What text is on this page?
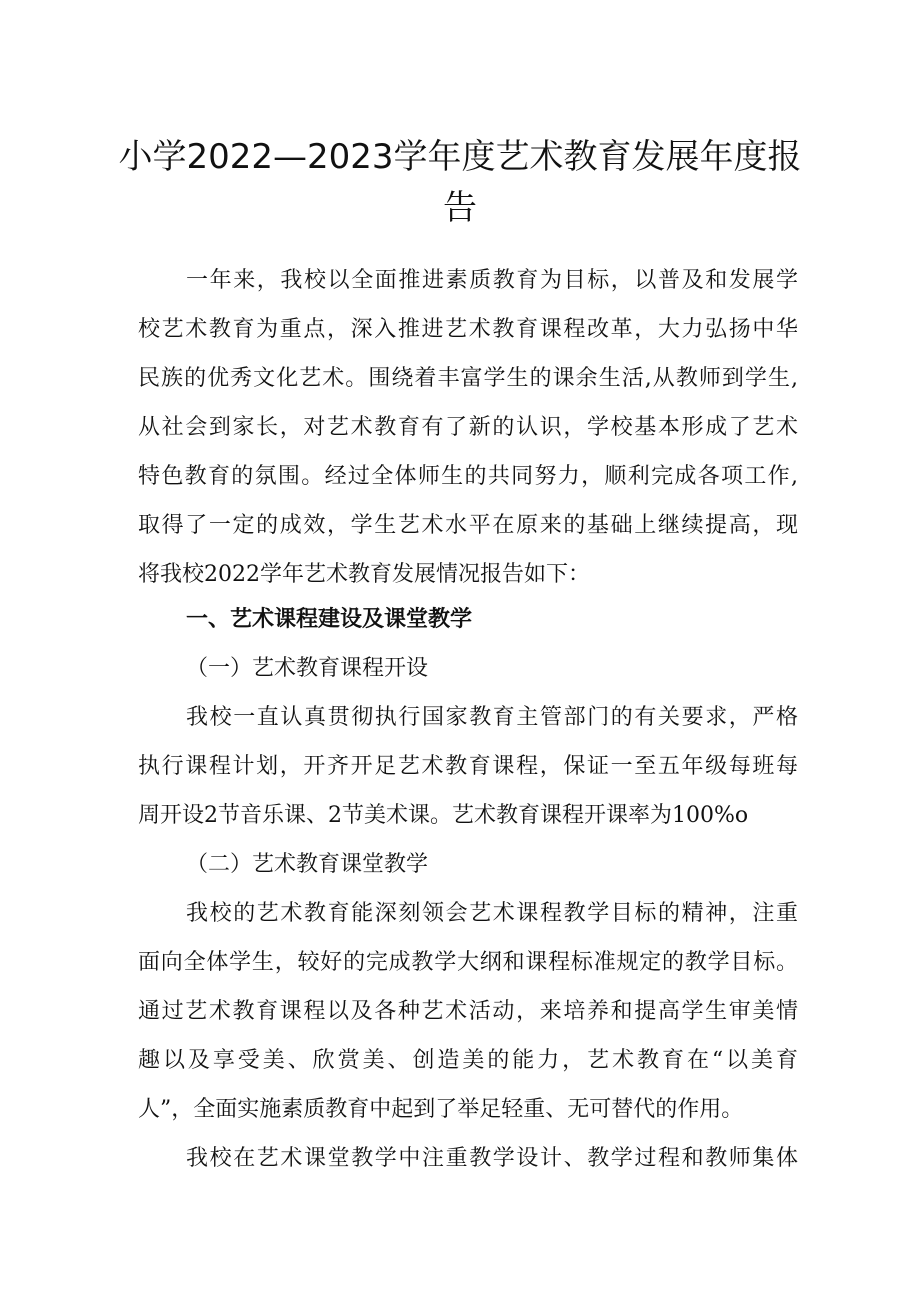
小学2022—2023学年度艺术教育发展年度报
告

一年来，我校以全面推进素质教育为目标，以普及和发展学

校艺术教育为重点，深入推进艺术教育课程改革，大力弘扬中华

民族的优秀文化艺术。围绕着丰富学生的课余生活,从教师到学生,

从社会到家长，对艺术教育有了新的认识，学校基本形成了艺术

特色教育的氛围。经过全体师生的共同努力，顺利完成各项工作,

取得了一定的成效，学生艺术水平在原来的基础上继续提高，现

将我校2022学年艺术教育发展情况报告如下：

一、艺术课程建设及课堂教学

（一）艺术教育课程开设

我校一直认真贯彻执行国家教育主管部门的有关要求，严格

执行课程计划，开齐开足艺术教育课程，保证一至五年级每班每

周开设2节音乐课、2节美术课。艺术教育课程开课率为100%o

（二）艺术教育课堂教学

我校的艺术教育能深刻领会艺术课程教学目标的精神，注重

面向全体学生，较好的完成教学大纲和课程标准规定的教学目标。

通过艺术教育课程以及各种艺术活动，来培养和提高学生审美情

趣以及享受美、欣赏美、创造美的能力，艺术教育在“以美育

人”，全面实施素质教育中起到了举足轻重、无可替代的作用。

我校在艺术课堂教学中注重教学设计、教学过程和教师集体
